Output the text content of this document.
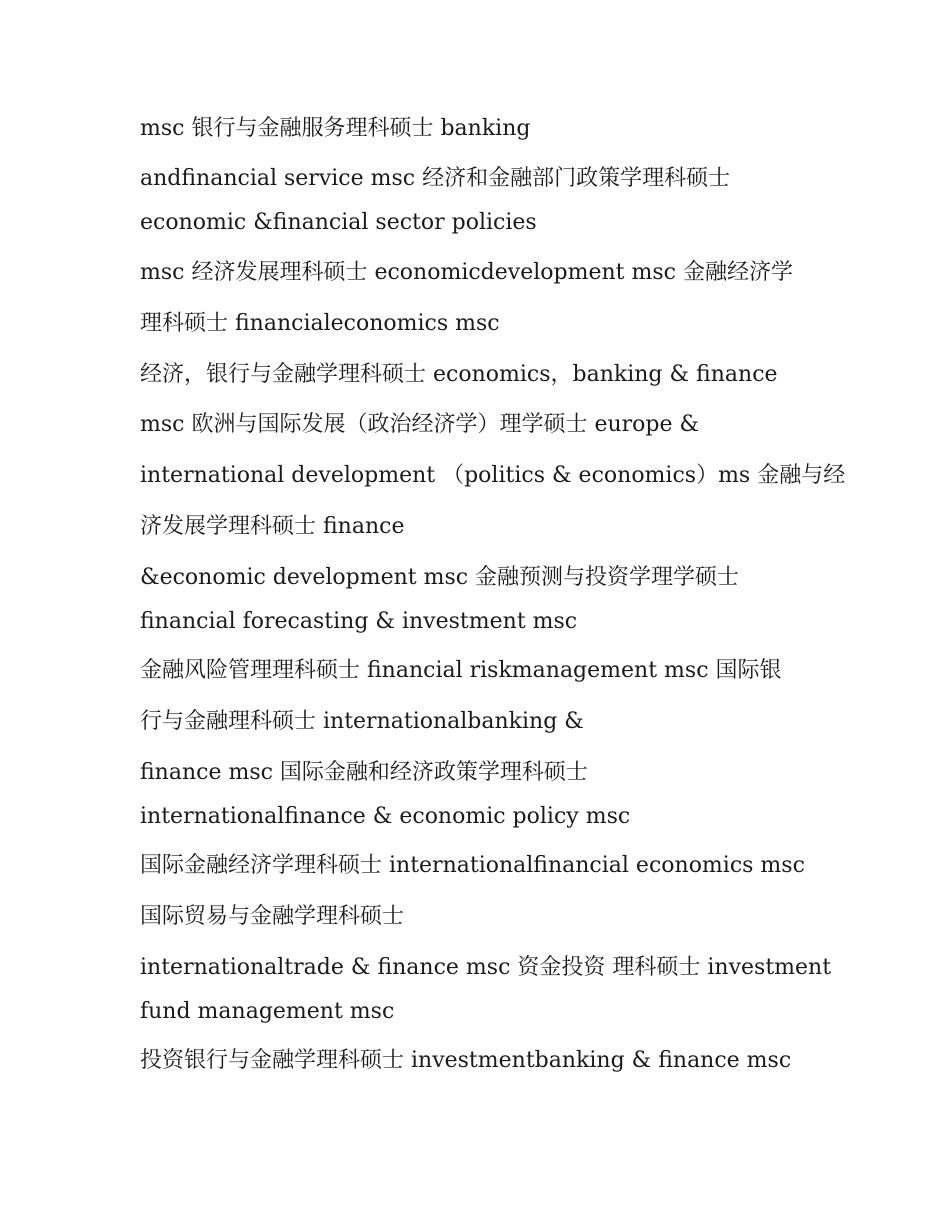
msc 银行与金融服务理科硕士 banking
andfinancial service msc 经济和金融部门政策学理科硕士
economic &financial sector policies
msc 经济发展理科硕士 economicdevelopment msc 金融经济学
理科硕士 financialeconomics msc
经济，银行与金融学理科硕士 economics，banking & finance
msc 欧洲与国际发展（政治经济学）理学硕士 europe &
international development （politics & economics）ms 金融与经
济发展学理科硕士 finance
&economic development msc 金融预测与投资学理学硕士
financial forecasting & investment msc
金融风险管理理科硕士 financial riskmanagement msc 国际银
行与金融理科硕士 internationalbanking &
finance msc 国际金融和经济政策学理科硕士
internationalfinance & economic policy msc
国际金融经济学理科硕士 internationalfinancial economics msc
国际贸易与金融学理科硕士
internationaltrade & finance msc 资金投资 理科硕士 investment
fund management msc
投资银行与金融学理科硕士 investmentbanking & finance msc
